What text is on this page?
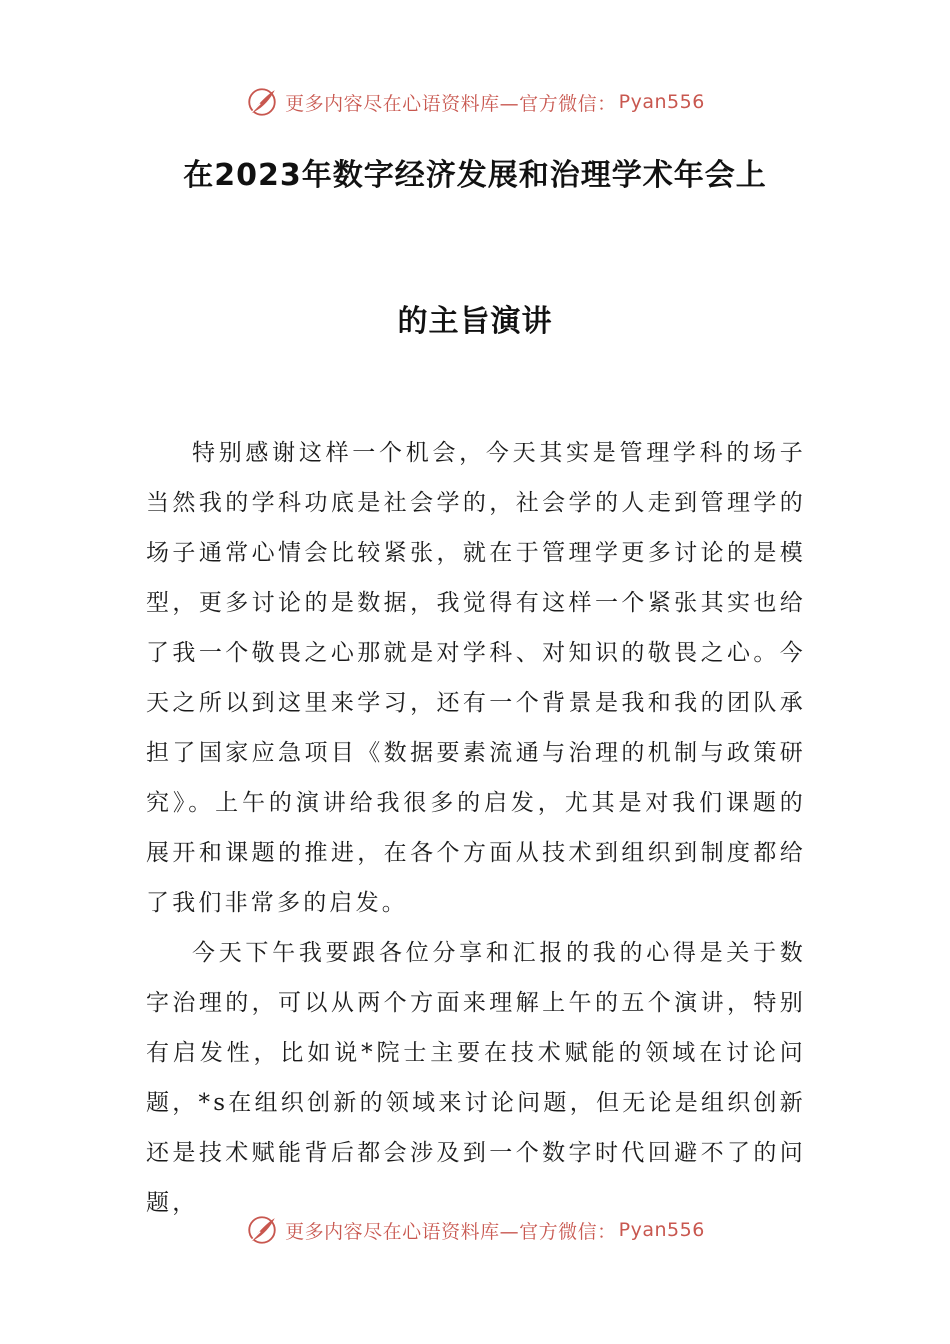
更多内容尽在心语资料库—官方微信： Pyan556
在2023年数字经济发展和治理学术年会上
的主旨演讲

特别感谢这样一个机会，今天其实是管理学科的场子当然我的学科功底是社会学的，社会学的人走到管理学的场子通常心情会比较紧张，就在于管理学更多讨论的是模型，更多讨论的是数据，我觉得有这样一个紧张其实也给了我一个敬畏之心那就是对学科、对知识的敬畏之心。今天之所以到这里来学习，还有一个背景是我和我的团队承担了国家应急项目《数据要素流通与治理的机制与政策研究》。上午的演讲给我很多的启发，尤其是对我们课题的展开和课题的推进，在各个方面从技术到组织到制度都给了我们非常多的启发。

今天下午我要跟各位分享和汇报的我的心得是关于数字治理的，可以从两个方面来理解上午的五个演讲，特别有启发性，比如说*院士主要在技术赋能的领域在讨论问题，*s在组织创新的领域来讨论问题，但无论是组织创新还是技术赋能背后都会涉及到一个数字时代回避不了的问题，

更多内容尽在心语资料库—官方微信： Pyan556
